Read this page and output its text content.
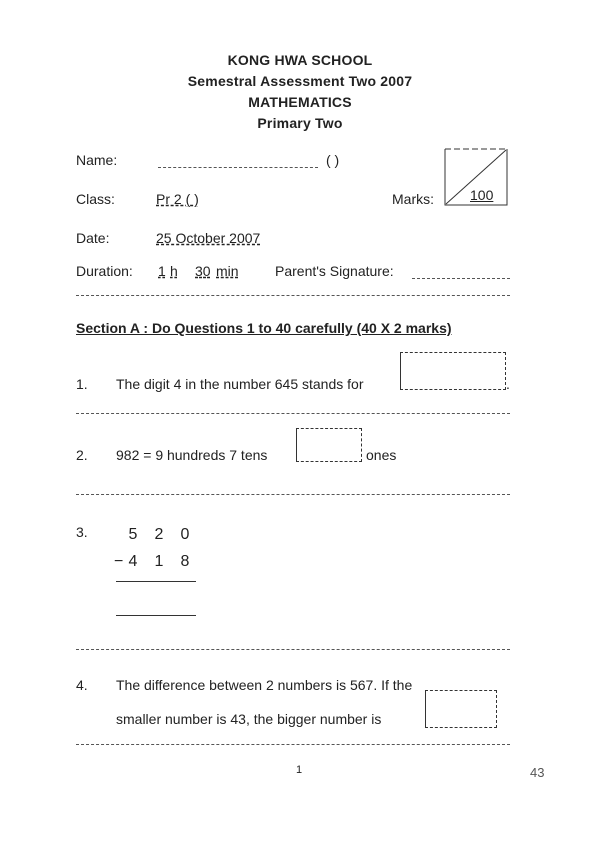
KONG HWA SCHOOL
Semestral Assessment Two 2007
MATHEMATICS
Primary Two
Name:	( )
Marks:	100
Class:	Pr 2 ( )
Date:	25 October 2007
Duration: 1 h 30 min	Parent's Signature:
Section A : Do Questions 1 to 40 carefully (40 X 2 marks)
1. The digit 4 in the number 645 stands for	.
2. 982 = 9 hundreds 7 tens	ones
3.	5 2 0
− 4 1 8
4. The difference between 2 numbers is 567. If the
smaller number is 43, the bigger number is
1	43
